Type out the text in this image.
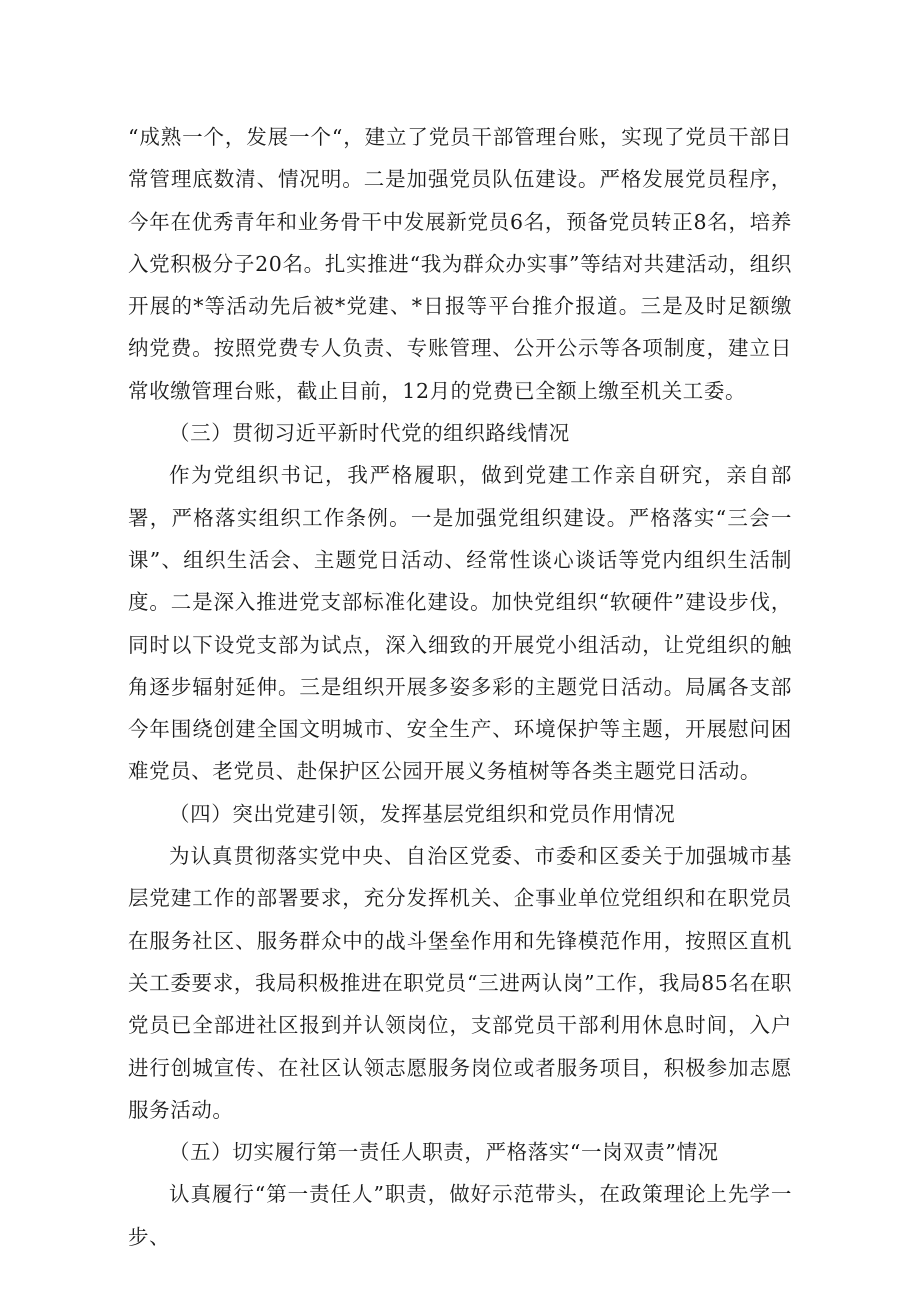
“成熟一个，发展一个“，建立了党员干部管理台账，实现了党员干部日常管理底数清、情况明。二是加强党员队伍建设。严格发展党员程序，今年在优秀青年和业务骨干中发展新党员6名，预备党员转正8名，培养入党积极分子20名。扎实推进“我为群众办实事”等结对共建活动，组织开展的*等活动先后被*党建、*日报等平台推介报道。三是及时足额缴纳党费。按照党费专人负责、专账管理、公开公示等各项制度，建立日常收缴管理台账，截止目前，12月的党费已全额上缴至机关工委。

（三）贯彻习近平新时代党的组织路线情况

作为党组织书记，我严格履职，做到党建工作亲自研究，亲自部署，严格落实组织工作条例。一是加强党组织建设。严格落实“三会一课”、组织生活会、主题党日活动、经常性谈心谈话等党内组织生活制度。二是深入推进党支部标准化建设。加快党组织“软硬件”建设步伐，同时以下设党支部为试点，深入细致的开展党小组活动，让党组织的触角逐步辐射延伸。三是组织开展多姿多彩的主题党日活动。局属各支部今年围绕创建全国文明城市、安全生产、环境保护等主题，开展慰问困难党员、老党员、赴保护区公园开展义务植树等各类主题党日活动。

（四）突出党建引领，发挥基层党组织和党员作用情况

为认真贯彻落实党中央、自治区党委、市委和区委关于加强城市基层党建工作的部署要求，充分发挥机关、企事业单位党组织和在职党员在服务社区、服务群众中的战斗堡垒作用和先锋模范作用，按照区直机关工委要求，我局积极推进在职党员“三进两认岗”工作，我局85名在职党员已全部进社区报到并认领岗位，支部党员干部利用休息时间，入户进行创城宣传、在社区认领志愿服务岗位或者服务项目，积极参加志愿服务活动。

（五）切实履行第一责任人职责，严格落实“一岗双责”情况

认真履行“第一责任人”职责，做好示范带头，在政策理论上先学一步、
